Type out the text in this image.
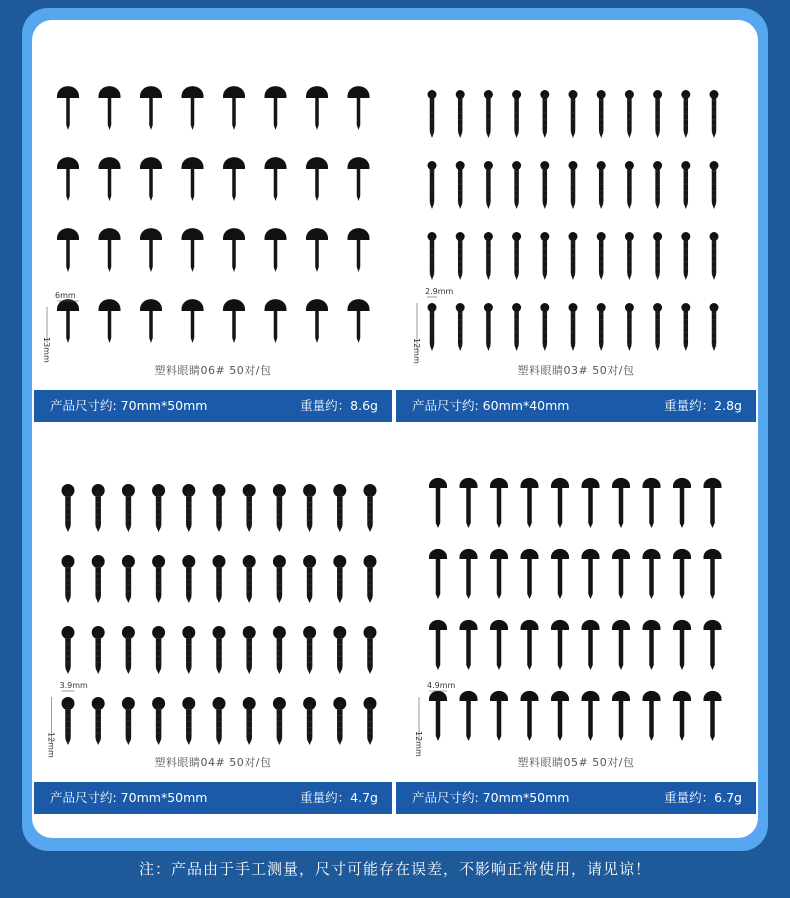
6mm
13mm
塑料眼睛06# 50对/包
产品尺寸约: 70mm*50mm	重量约：8.6g
2.9mm
12mm
塑料眼睛03# 50对/包
产品尺寸约: 60mm*40mm	重量约：2.8g
3.9mm
12mm
塑料眼睛04# 50对/包
产品尺寸约: 70mm*50mm	重量约：4.7g
4.9mm
12mm
塑料眼睛05# 50对/包
产品尺寸约: 70mm*50mm	重量约：6.7g
注：产品由于手工测量，尺寸可能存在误差，不影响正常使用，请见谅！
